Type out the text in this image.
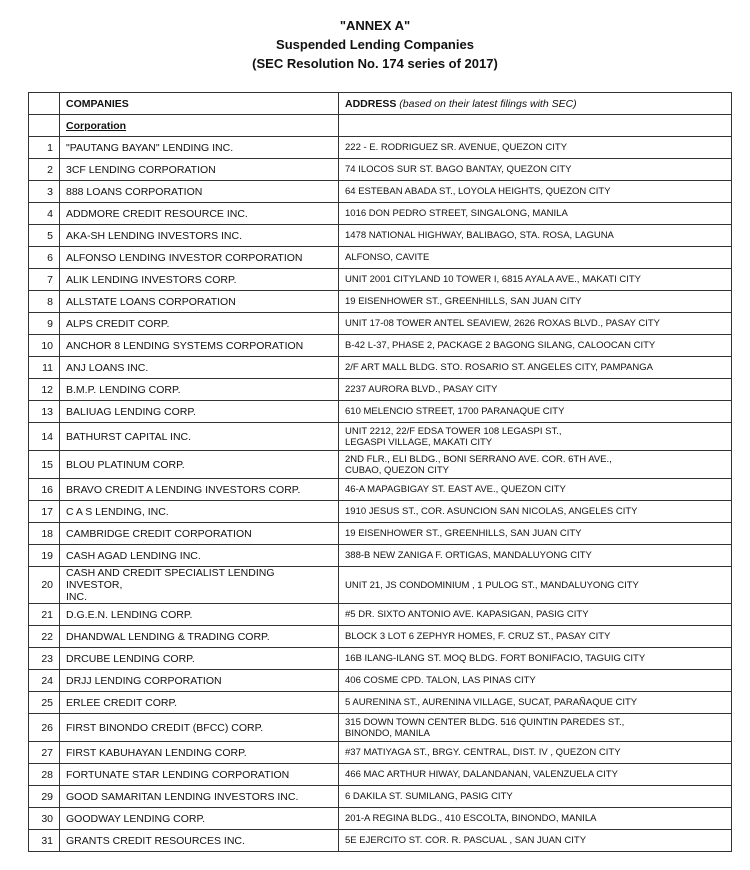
"ANNEX A"
Suspended Lending Companies
(SEC Resolution No. 174 series of 2017)
	COMPANIES	ADDRESS (based on their latest filings with SEC)
	Corporation	
1	"PAUTANG BAYAN" LENDING INC.	222 - E. RODRIGUEZ SR. AVENUE, QUEZON CITY

2	3CF LENDING CORPORATION	74 ILOCOS SUR ST. BAGO BANTAY, QUEZON CITY

3	888 LOANS CORPORATION	64 ESTEBAN ABADA ST., LOYOLA HEIGHTS, QUEZON CITY

4	ADDMORE CREDIT RESOURCE INC.	1016 DON PEDRO STREET, SINGALONG, MANILA

5	AKA-SH LENDING INVESTORS INC.	1478 NATIONAL HIGHWAY, BALIBAGO, STA. ROSA, LAGUNA

6	ALFONSO LENDING INVESTOR CORPORATION	ALFONSO, CAVITE

7	ALIK LENDING INVESTORS CORP.	UNIT 2001 CITYLAND 10 TOWER I, 6815 AYALA AVE., MAKATI CITY

8	ALLSTATE LOANS CORPORATION	19 EISENHOWER ST., GREENHILLS, SAN JUAN CITY

9	ALPS CREDIT CORP.	UNIT 17-08 TOWER ANTEL SEAVIEW, 2626 ROXAS BLVD., PASAY CITY

10	ANCHOR 8 LENDING SYSTEMS CORPORATION	B-42 L-37, PHASE 2, PACKAGE 2 BAGONG SILANG, CALOOCAN CITY

11	ANJ LOANS INC.	2/F ART MALL BLDG. STO. ROSARIO ST. ANGELES CITY, PAMPANGA

12	B.M.P. LENDING CORP.	2237 AURORA BLVD., PASAY CITY

13	BALIUAG LENDING CORP.	610 MELENCIO STREET, 1700 PARANAQUE CITY

14	BATHURST CAPITAL INC.	UNIT 2212, 22/F EDSA TOWER 108 LEGASPI ST.,
LEGASPI VILLAGE, MAKATI CITY

15	BLOU PLATINUM CORP.	2ND FLR., ELI BLDG., BONI SERRANO AVE. COR. 6TH AVE.,
CUBAO, QUEZON CITY

16	BRAVO CREDIT A LENDING INVESTORS CORP.	46-A MAPAGBIGAY ST. EAST AVE., QUEZON CITY

17	C A S LENDING, INC.	1910 JESUS ST., COR. ASUNCION SAN NICOLAS, ANGELES CITY

18	CAMBRIDGE CREDIT CORPORATION	19 EISENHOWER ST., GREENHILLS, SAN JUAN CITY

19	CASH AGAD LENDING INC.	388-B NEW ZANIGA F. ORTIGAS, MANDALUYONG CITY

20	CASH AND CREDIT SPECIALIST LENDING INVESTOR,
INC.	UNIT 21, JS CONDOMINIUM , 1 PULOG ST., MANDALUYONG CITY

21	D.G.E.N. LENDING CORP.	#5 DR. SIXTO ANTONIO AVE. KAPASIGAN, PASIG CITY

22	DHANDWAL LENDING & TRADING CORP.	BLOCK 3 LOT 6 ZEPHYR HOMES, F. CRUZ ST., PASAY CITY

23	DRCUBE LENDING CORP.	16B ILANG-ILANG ST. MOQ BLDG. FORT BONIFACIO, TAGUIG CITY

24	DRJJ LENDING CORPORATION	406 COSME CPD. TALON, LAS PINAS CITY

25	ERLEE CREDIT CORP.	5 AURENINA ST., AURENINA VILLAGE, SUCAT, PARAÑAQUE CITY

26	FIRST BINONDO CREDIT (BFCC) CORP.	315 DOWN TOWN CENTER BLDG. 516 QUINTIN PAREDES ST.,
BINONDO, MANILA

27	FIRST KABUHAYAN LENDING CORP.	#37 MATIYAGA ST., BRGY. CENTRAL, DIST. IV , QUEZON CITY

28	FORTUNATE STAR LENDING CORPORATION	466 MAC ARTHUR HIWAY, DALANDANAN, VALENZUELA CITY

29	GOOD SAMARITAN LENDING INVESTORS INC.	6 DAKILA ST. SUMILANG, PASIG CITY

30	GOODWAY LENDING CORP.	201-A REGINA BLDG., 410 ESCOLTA, BINONDO, MANILA

31	GRANTS CREDIT RESOURCES INC.	5E EJERCITO ST. COR. R. PASCUAL , SAN JUAN CITY
